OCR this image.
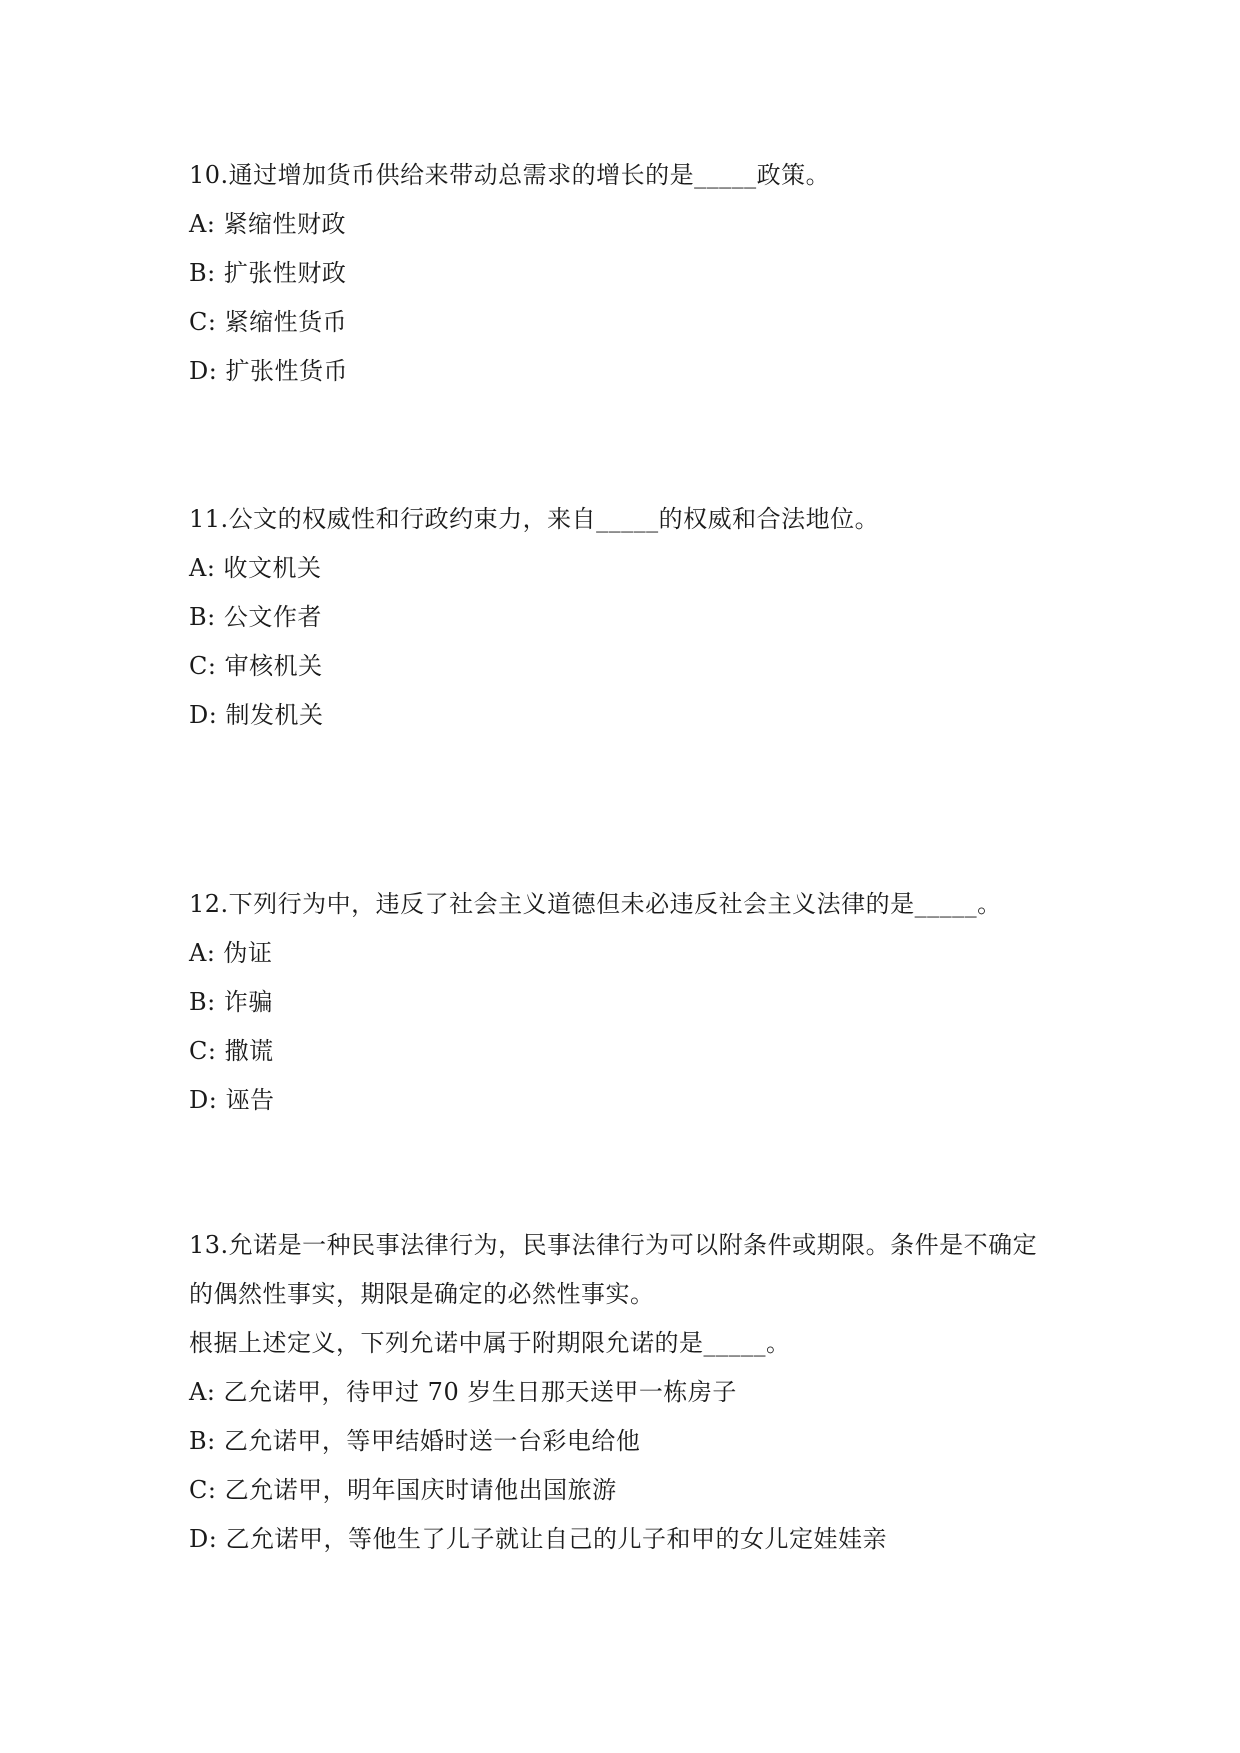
10.通过增加货币供给来带动总需求的增长的是_____政策。
A: 紧缩性财政
B: 扩张性财政
C: 紧缩性货币
D: 扩张性货币
11.公文的权威性和行政约束力，来自_____的权威和合法地位。
A: 收文机关
B: 公文作者
C: 审核机关
D: 制发机关
12.下列行为中，违反了社会主义道德但未必违反社会主义法律的是_____。
A: 伪证
B: 诈骗
C: 撒谎
D: 诬告
13.允诺是一种民事法律行为，民事法律行为可以附条件或期限。条件是不确定
的偶然性事实，期限是确定的必然性事实。
根据上述定义，下列允诺中属于附期限允诺的是_____。
A: 乙允诺甲，待甲过 70 岁生日那天送甲一栋房子
B: 乙允诺甲，等甲结婚时送一台彩电给他
C: 乙允诺甲，明年国庆时请他出国旅游
D: 乙允诺甲，等他生了儿子就让自己的儿子和甲的女儿定娃娃亲
